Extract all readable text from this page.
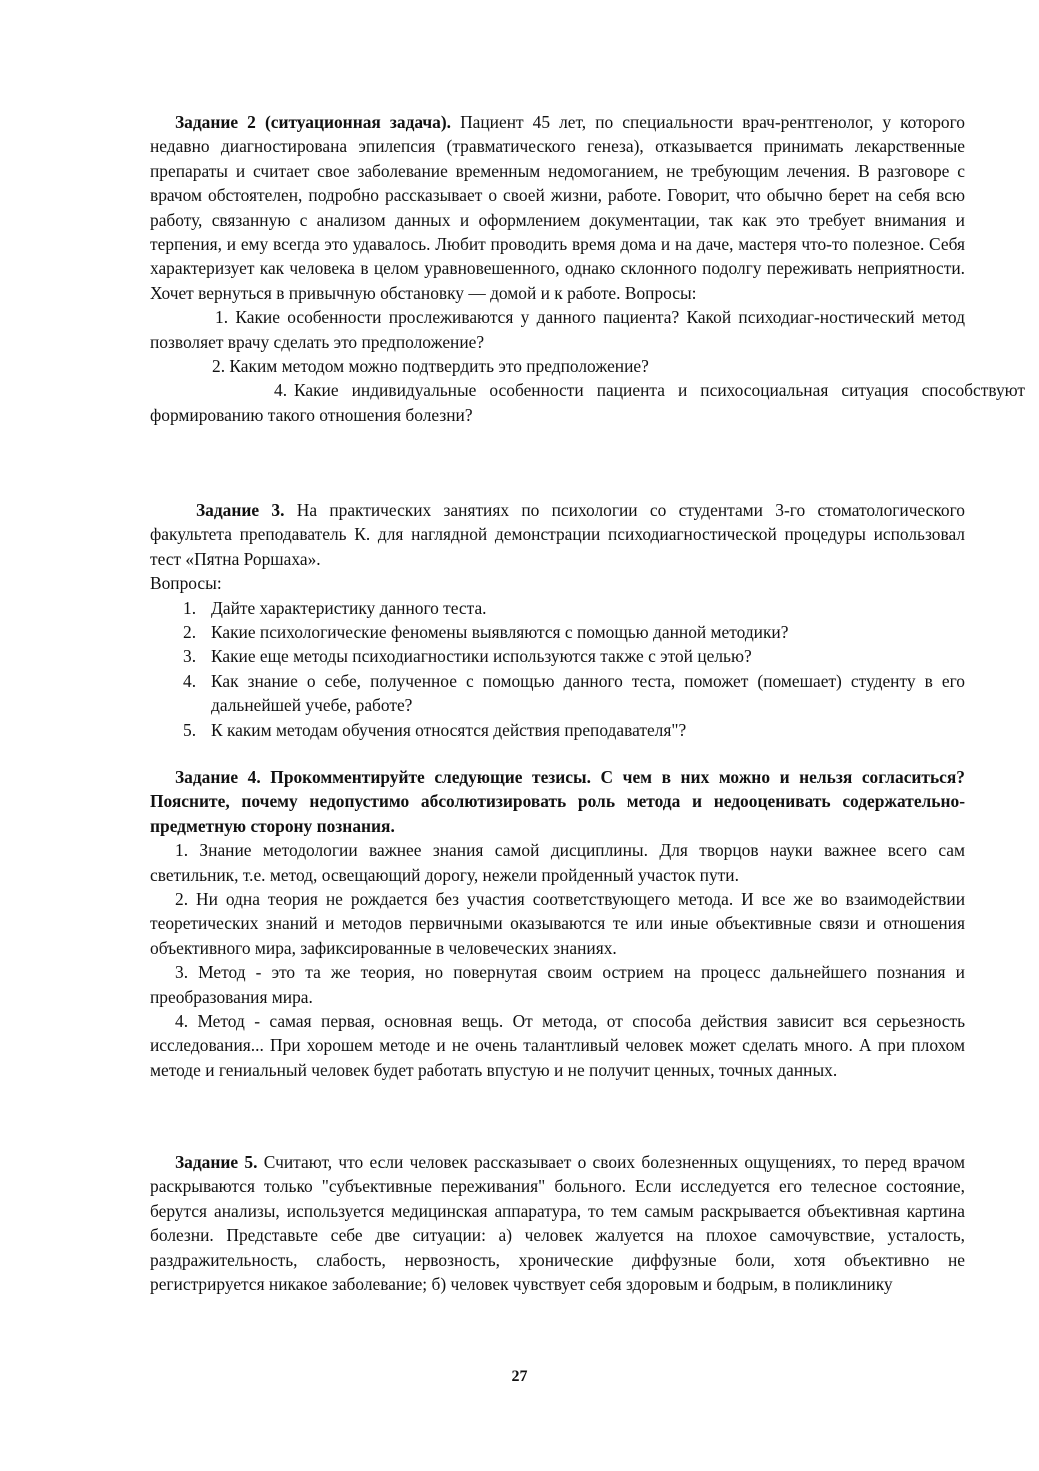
Задание 2 (ситуационная задача). Пациент 45 лет, по специальности врач-рентгенолог, у которого недавно диагностирована эпилепсия (травматического генеза), отказывается принимать лекарственные препараты и считает свое заболевание временным недомоганием, не требующим лечения. В разговоре с врачом обстоятелен, подробно рассказывает о своей жизни, работе. Говорит, что обычно берет на себя всю работу, связанную с анализом данных и оформлением документации, так как это требует внимания и терпения, и ему всегда это удавалось. Любит проводить время дома и на даче, мастеря что-то полезное. Себя характеризует как человека в целом уравновешенного, однако склонного подолгу переживать неприятности. Хочет вернуться в привычную обстановку — домой и к работе. Вопросы:

1. Какие особенности прослеживаются у данного пациента? Какой психодиаг-ностический метод позволяет врачу сделать это предположение?

2. Каким методом можно подтвердить это предположение?

4. Какие индивидуальные особенности пациента и психосоциальная ситуация способствуют формированию такого отношения болезни?

Задание 3. На практических занятиях по психологии со студентами 3-го стоматологического факультета преподаватель К. для наглядной демонстрации психодиагностической процедуры использовал тест «Пятна Роршаха».

Вопросы:

1. Дайте характеристику данного теста.
2. Какие психологические феномены выявляются с помощью данной методики?
3. Какие еще методы психодиагностики используются также с этой целью?
4. Как знание о себе, полученное с помощью данного теста, поможет (помешает) студенту в его дальнейшей учебе, работе?
5. К каким методам обучения относятся действия преподавателя"?

Задание 4. Прокомментируйте следующие тезисы. С чем в них можно и нельзя согласиться? Поясните, почему недопустимо абсолютизировать роль метода и недооценивать содержательно-предметную сторону познания.

1. Знание методологии важнее знания самой дисциплины. Для творцов науки важнее всего сам светильник, т.е. метод, освещающий дорогу, нежели пройденный участок пути.

2. Ни одна теория не рождается без участия соответствующего метода. И все же во взаимодействии теоретических знаний и методов первичными оказываются те или иные объективные связи и отношения объективного мира, зафиксированные в человеческих знаниях.

3. Метод - это та же теория, но повернутая своим острием на процесс дальнейшего познания и преобразования мира.

4. Метод - самая первая, основная вещь. От метода, от способа действия зависит вся серьезность исследования... При хорошем методе и не очень талантливый человек может сделать много. А при плохом методе и гениальный человек будет работать впустую и не получит ценных, точных данных.

Задание 5. Считают, что если человек рассказывает о своих болезненных ощущениях, то перед врачом раскрываются только "субъективные переживания" больного. Если исследуется его телесное состояние, берутся анализы, используется медицинская аппаратура, то тем самым раскрывается объективная картина болезни. Представьте себе две ситуации: а) человек жалуется на плохое самочувствие, усталость, раздражительность, слабость, нервозность, хронические диффузные боли, хотя объективно не регистрируется никакое заболевание; б) человек чувствует себя здоровым и бодрым, в поликлинику

27
